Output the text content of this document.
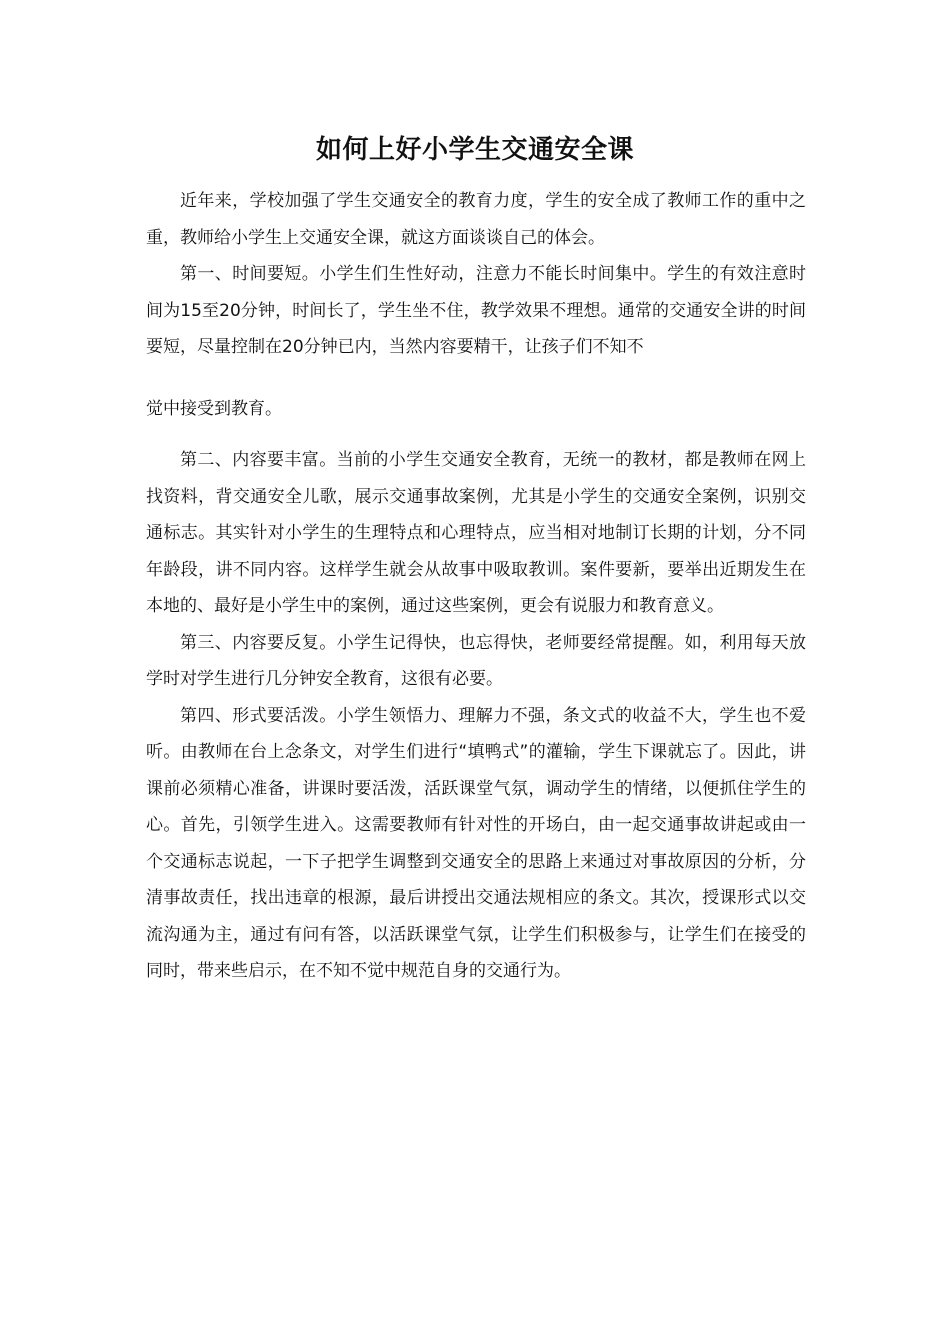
如何上好小学生交通安全课

近年来，学校加强了学生交通安全的教育力度，学生的安全成了教师工作的重中之重，教师给小学生上交通安全课，就这方面谈谈自己的体会。

第一、时间要短。小学生们生性好动，注意力不能长时间集中。学生的有效注意时间为15至20分钟，时间长了，学生坐不住，教学效果不理想。通常的交通安全讲的时间要短，尽量控制在20分钟已内，当然内容要精干，让孩子们不知不

觉中接受到教育。

第二、内容要丰富。当前的小学生交通安全教育，无统一的教材，都是教师在网上找资料，背交通安全儿歌，展示交通事故案例，尤其是小学生的交通安全案例，识别交通标志。其实针对小学生的生理特点和心理特点，应当相对地制订长期的计划，分不同年龄段，讲不同内容。这样学生就会从故事中吸取教训。案件要新，要举出近期发生在本地的、最好是小学生中的案例，通过这些案例，更会有说服力和教育意义。

第三、内容要反复。小学生记得快，也忘得快，老师要经常提醒。如，利用每天放学时对学生进行几分钟安全教育，这很有必要。

第四、形式要活泼。小学生领悟力、理解力不强，条文式的收益不大，学生也不爱听。由教师在台上念条文，对学生们进行“填鸭式”的灌输，学生下课就忘了。因此，讲课前必须精心准备，讲课时要活泼，活跃课堂气氛，调动学生的情绪，以便抓住学生的心。首先，引领学生进入。这需要教师有针对性的开场白，由一起交通事故讲起或由一个交通标志说起，一下子把学生调整到交通安全的思路上来通过对事故原因的分析，分清事故责任，找出违章的根源，最后讲授出交通法规相应的条文。其次，授课形式以交流沟通为主，通过有问有答，以活跃课堂气氛，让学生们积极参与，让学生们在接受的同时，带来些启示，在不知不觉中规范自身的交通行为。
